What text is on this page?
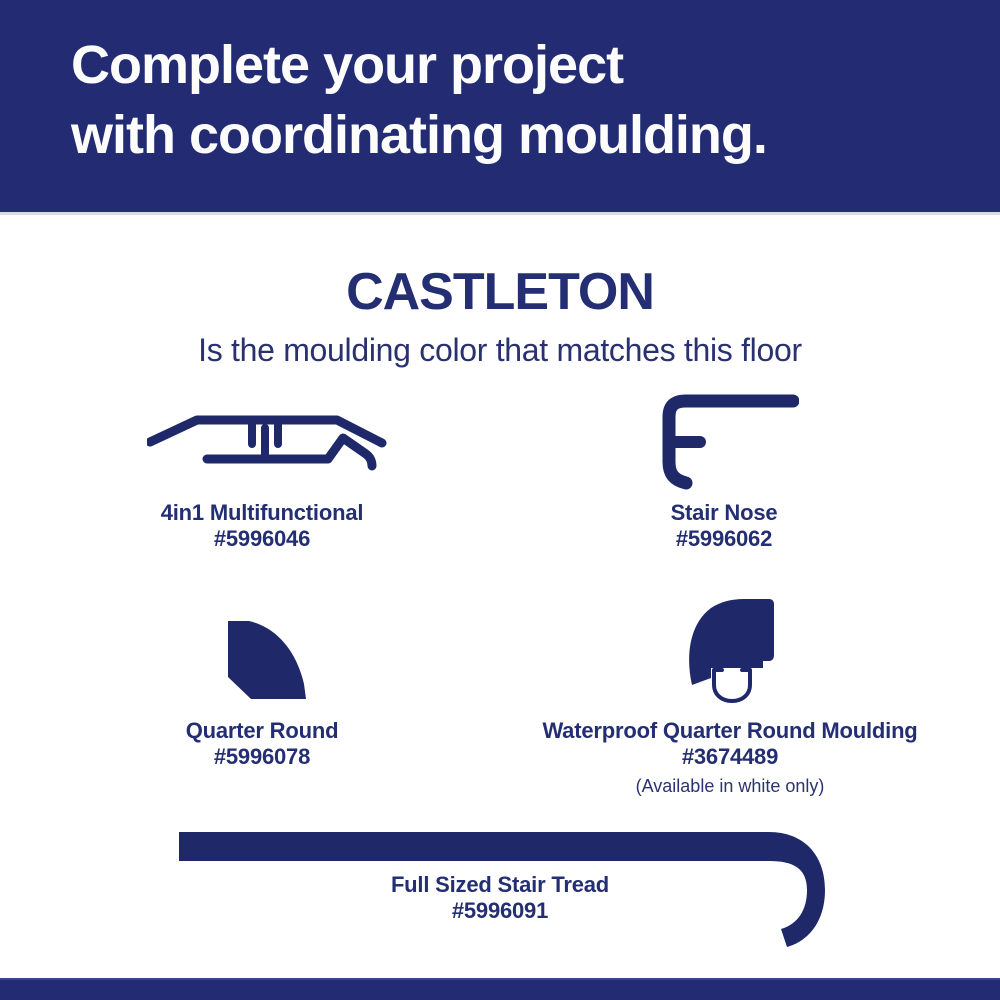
Complete your project
with coordinating moulding.
CASTLETON
Is the moulding color that matches this floor
4in1 Multifunctional
#5996046
Stair Nose
#5996062
Quarter Round
#5996078
Waterproof Quarter Round Moulding
#3674489
(Available in white only)
Full Sized Stair Tread
#5996091
